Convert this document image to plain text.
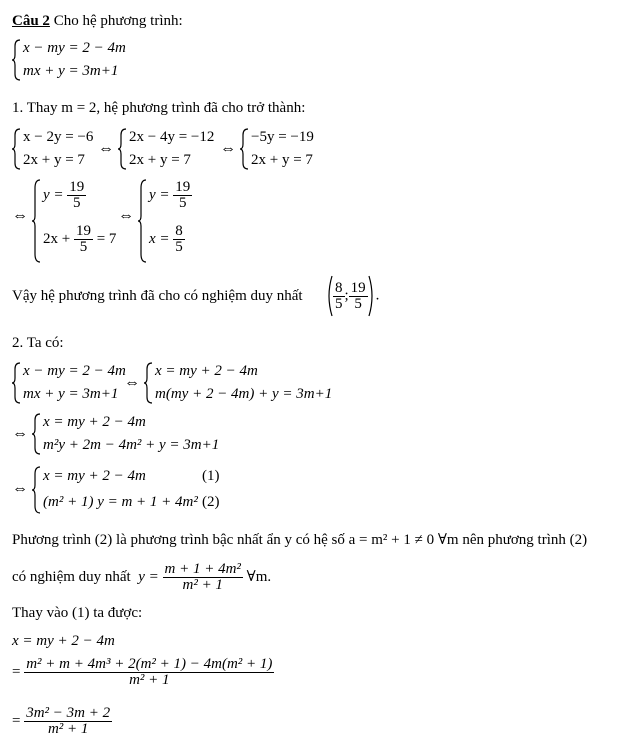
Câu 2 Cho hệ phương trình:
x − my = 2 − 4m
mx + y = 3m+1
1. Thay m = 2, hệ phương trình đã cho trở thành:
x − 2y = −6
2x + y = 7
⇔
2x − 4y = −12
2x + y = 7
⇔
−5y = −19
2x + y = 7
⇔
$y = \frac{19}{5}$
$2x + \frac{19}{5} = 7$
⇔
$y = \frac{19}{5}$
$x = \frac{8}{5}$
Vậy hệ phương trình đã cho có nghiệm duy nhất $\frac{8}{5}$ ; $\frac{19}{5}$ .
2. Ta có:
x − my = 2 − 4m
mx + y = 3m+1
⇔
x = my + 2 − 4m
m(my + 2 − 4m) + y = 3m+1
⇔
x = my + 2 − 4m
m²y + 2m − 4m² + y = 3m+1
⇔
x = my + 2 − 4m
(m² + 1) y = m + 1 + 4m²
(1)
(2)
Phương trình (2) là phương trình bậc nhất ẩn y có hệ số a = m² + 1 ≠ 0 ∀m nên phương trình (2)
có nghiệm duy nhất  $y = \frac{\text{m + 1 + 4m²}}{\text{m² + 1}}$ ∀m.
Thay vào (1) ta được:
x = my + 2 − 4m
= $\frac{\text{m² + m + 4m³ + 2(m² + 1) − 4m(m² + 1)}}{\text{m² + 1}}$
= $\frac{\text{3m² − 3m + 2}}{\text{m² + 1}}$
